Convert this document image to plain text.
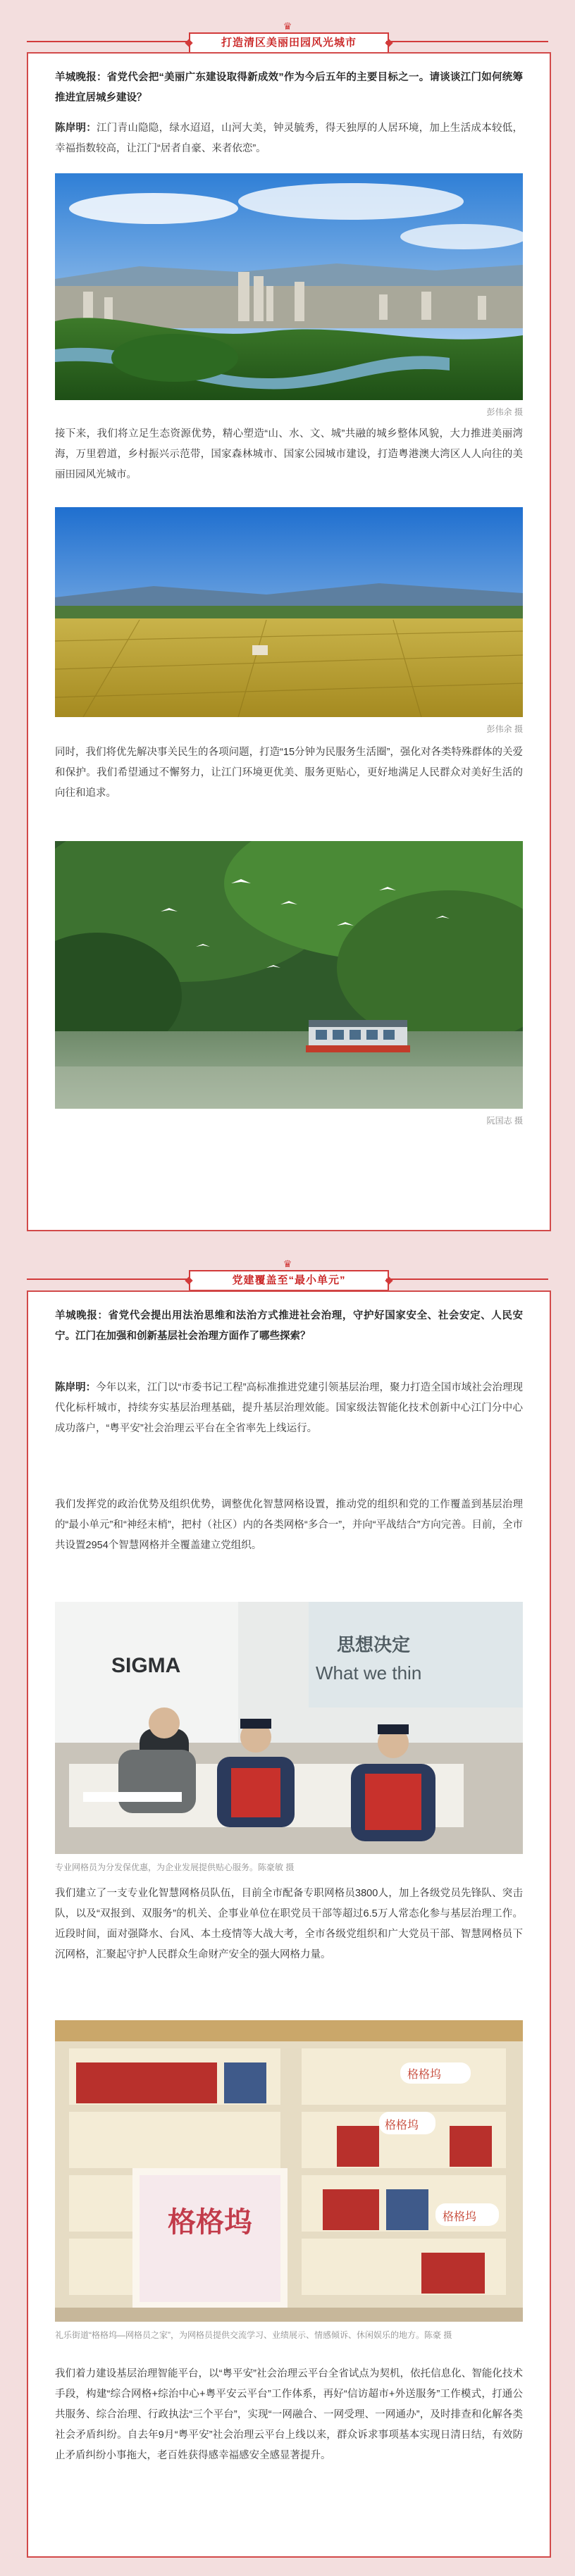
♛
打造清区美丽田园风光城市
羊城晚报：省党代会把“美丽广东建设取得新成效”作为今后五年的主要目标之一。请谈谈江门如何统筹推进宜居城乡建设？
陈岸明：江门青山隐隐，绿水迢迢，山河大美，钟灵毓秀，得天独厚的人居环境，加上生活成本较低，幸福指数较高，让江门“居者自豪、来者依恋”。
彭伟余 摄
接下来，我们将立足生态资源优势，精心塑造“山、水、文、城”共融的城乡整体风貌，大力推进美丽湾海，万里碧道，乡村振兴示范带，国家森林城市、国家公园城市建设，打造粤港澳大湾区人人向往的美丽田园风光城市。
彭伟余 摄
同时，我们将优先解决事关民生的各项问题，打造“15分钟为民服务生活圈”，强化对各类特殊群体的关爱和保护。我们希望通过不懈努力，让江门环境更优美、服务更贴心，更好地满足人民群众对美好生活的向往和追求。
阮国志 摄
♛
党建覆盖至“最小单元”
羊城晚报：省党代会提出用法治思维和法治方式推进社会治理，守护好国家安全、社会安定、人民安宁。江门在加强和创新基层社会治理方面作了哪些探索？
陈岸明：今年以来，江门以“市委书记工程”高标准推进党建引领基层治理，聚力打造全国市域社会治理现代化标杆城市，持续夯实基层治理基础，提升基层治理效能。国家级法智能化技术创新中心江门分中心成功落户，“粤平安”社会治理云平台在全省率先上线运行。
我们发挥党的政治优势及组织优势，调整优化智慧网格设置，推动党的组织和党的工作覆盖到基层治理的“最小单元”和“神经末梢”，把村（社区）内的各类网格“多合一”，并向“平战结合”方向完善。目前，全市共设置2954个智慧网格并全覆盖建立党组织。
SIGMA
思想决定
What we thin
专业网格员为分发保优惠，为企业发展提供贴心服务。陈豪敏 摄
我们建立了一支专业化智慧网格员队伍，目前全市配备专职网格员3800人，加上各级党员先锋队、突击队，以及“双报到、双服务”的机关、企事业单位在职党员干部等超过6.5万人常态化参与基层治理工作。近段时间，面对强降水、台风、本土疫情等大战大考，全市各级党组织和广大党员干部、智慧网格员下沉网格，汇聚起守护人民群众生命财产安全的强大网格力量。
格格坞
格格坞
格格坞
格格坞
礼乐街道“格格坞—网格员之家”，为网格员提供交流学习、业绩展示、情感倾诉、休闲娱乐的地方。陈豪 摄
我们着力建设基层治理智能平台，以“粤平安”社会治理云平台全省试点为契机，依托信息化、智能化技术手段，构建“综合网格+综治中心+粤平安云平台”工作体系，再好“信访超市+外送服务”工作模式，打通公共服务、综合治理、行政执法“三个平台”，实现“一网融合、一网受理、一网通办”，及时排查和化解各类社会矛盾纠纷。自去年9月“粤平安”社会治理云平台上线以来，群众诉求事项基本实现日清日结，有效防止矛盾纠纷小事拖大，老百姓获得感幸福感安全感显著提升。
